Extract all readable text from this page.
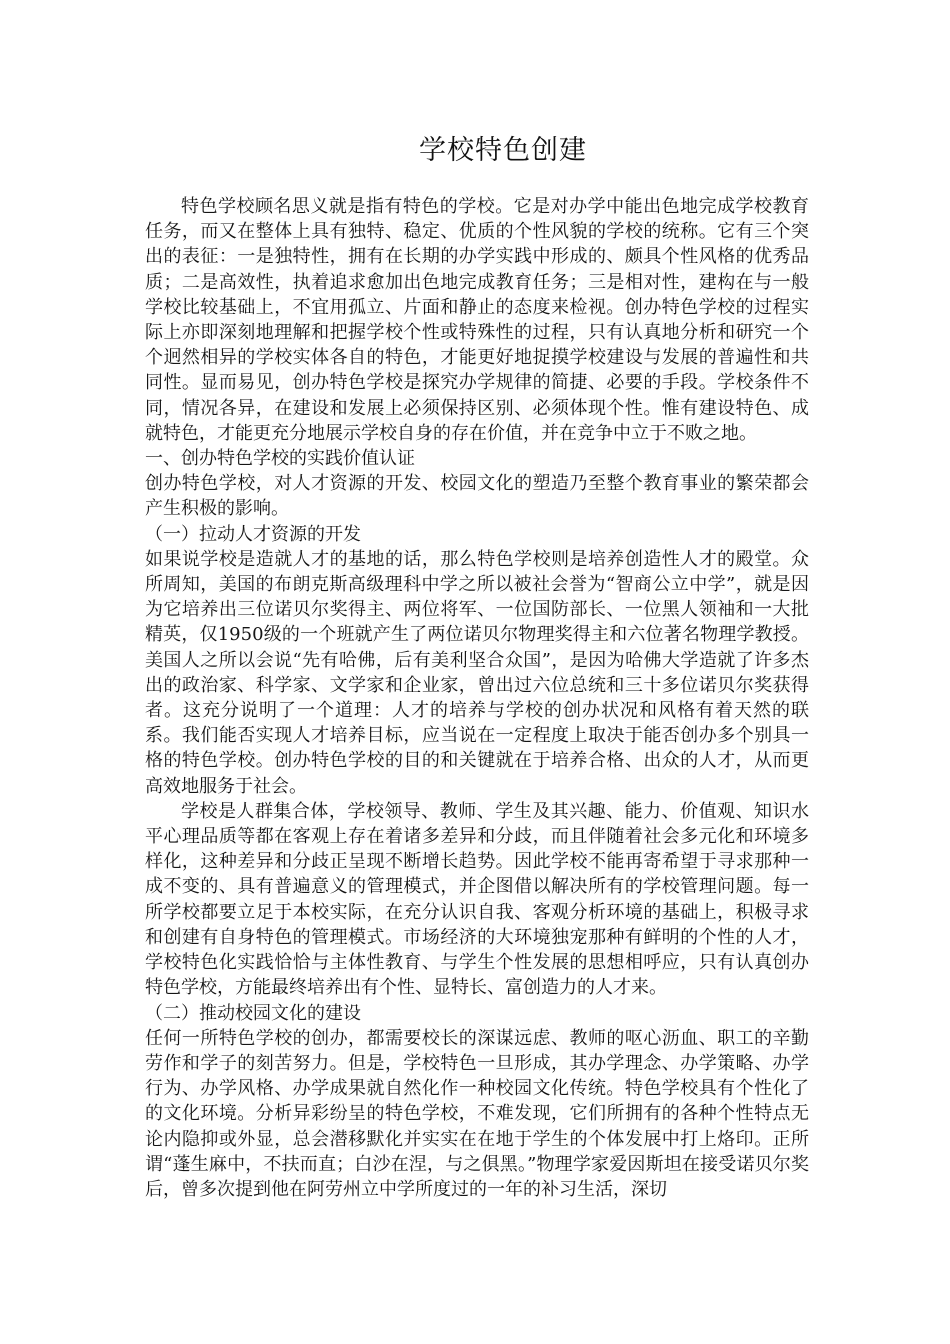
学校特色创建

特色学校顾名思义就是指有特色的学校。它是对办学中能出色地完成学校教育任务，而又在整体上具有独特、稳定、优质的个性风貌的学校的统称。它有三个突出的表征：一是独特性，拥有在长期的办学实践中形成的、颇具个性风格的优秀品质；二是高效性，执着追求愈加出色地完成教育任务；三是相对性，建构在与一般学校比较基础上，不宜用孤立、片面和静止的态度来检视。创办特色学校的过程实际上亦即深刻地理解和把握学校个性或特殊性的过程，只有认真地分析和研究一个个迥然相异的学校实体各自的特色，才能更好地捉摸学校建设与发展的普遍性和共同性。显而易见，创办特色学校是探究办学规律的简捷、必要的手段。学校条件不同，情况各异，在建设和发展上必须保持区别、必须体现个性。惟有建设特色、成就特色，才能更充分地展示学校自身的存在价值，并在竞争中立于不败之地。

一、创办特色学校的实践价值认证

创办特色学校，对人才资源的开发、校园文化的塑造乃至整个教育事业的繁荣都会产生积极的影响。

（一）拉动人才资源的开发

如果说学校是造就人才的基地的话，那么特色学校则是培养创造性人才的殿堂。众所周知，美国的布朗克斯高级理科中学之所以被社会誉为“智商公立中学”，就是因为它培养出三位诺贝尔奖得主、两位将军、一位国防部长、一位黑人领袖和一大批精英，仅1950级的一个班就产生了两位诺贝尔物理奖得主和六位著名物理学教授。美国人之所以会说“先有哈佛，后有美利坚合众国”，是因为哈佛大学造就了许多杰出的政治家、科学家、文学家和企业家，曾出过六位总统和三十多位诺贝尔奖获得者。这充分说明了一个道理：人才的培养与学校的创办状况和风格有着天然的联系。我们能否实现人才培养目标，应当说在一定程度上取决于能否创办多个别具一格的特色学校。创办特色学校的目的和关键就在于培养合格、出众的人才，从而更高效地服务于社会。

学校是人群集合体，学校领导、教师、学生及其兴趣、能力、价值观、知识水平心理品质等都在客观上存在着诸多差异和分歧，而且伴随着社会多元化和环境多样化，这种差异和分歧正呈现不断增长趋势。因此学校不能再寄希望于寻求那种一成不变的、具有普遍意义的管理模式，并企图借以解决所有的学校管理问题。每一所学校都要立足于本校实际，在充分认识自我、客观分析环境的基础上，积极寻求和创建有自身特色的管理模式。市场经济的大环境独宠那种有鲜明的个性的人才，学校特色化实践恰恰与主体性教育、与学生个性发展的思想相呼应，只有认真创办特色学校，方能最终培养出有个性、显特长、富创造力的人才来。

（二）推动校园文化的建设

任何一所特色学校的创办，都需要校长的深谋远虑、教师的呕心沥血、职工的辛勤劳作和学子的刻苦努力。但是，学校特色一旦形成，其办学理念、办学策略、办学行为、办学风格、办学成果就自然化作一种校园文化传统。特色学校具有个性化了的文化环境。分析异彩纷呈的特色学校，不难发现，它们所拥有的各种个性特点无论内隐抑或外显，总会潜移默化并实实在在地于学生的个体发展中打上烙印。正所谓“蓬生麻中，不扶而直；白沙在涅，与之俱黑。”物理学家爱因斯坦在接受诺贝尔奖后，曾多次提到他在阿劳州立中学所度过的一年的补习生活，深切
